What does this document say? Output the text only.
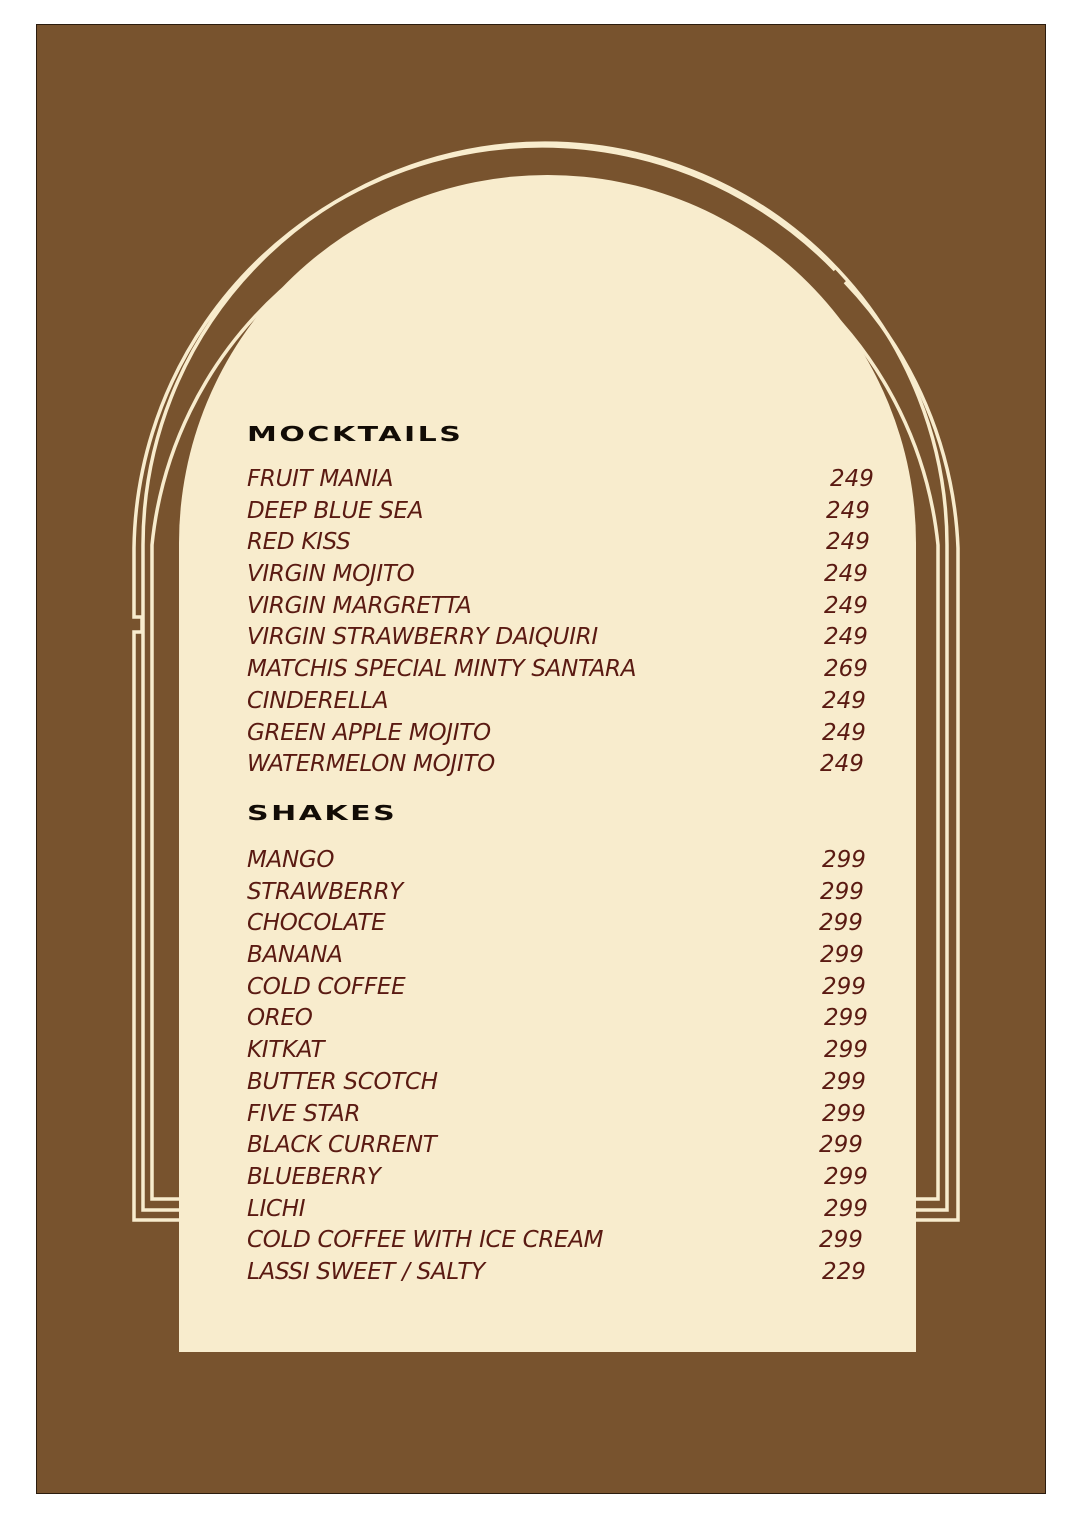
MOCKTAILS
FRUIT MANIA	249
DEEP BLUE SEA	249
RED KISS	249
VIRGIN MOJITO	249
VIRGIN MARGRETTA	249
VIRGIN STRAWBERRY DAIQUIRI	249
MATCHIS SPECIAL MINTY SANTARA	269
CINDERELLA	249
GREEN APPLE MOJITO	249
WATERMELON MOJITO	249
SHAKES
MANGO	299
STRAWBERRY	299
CHOCOLATE	299
BANANA	299
COLD COFFEE	299
OREO	299
KITKAT	299
BUTTER SCOTCH	299
FIVE STAR	299
BLACK CURRENT	299
BLUEBERRY	299
LICHI	299
COLD COFFEE WITH ICE CREAM	299
LASSI SWEET / SALTY	229
